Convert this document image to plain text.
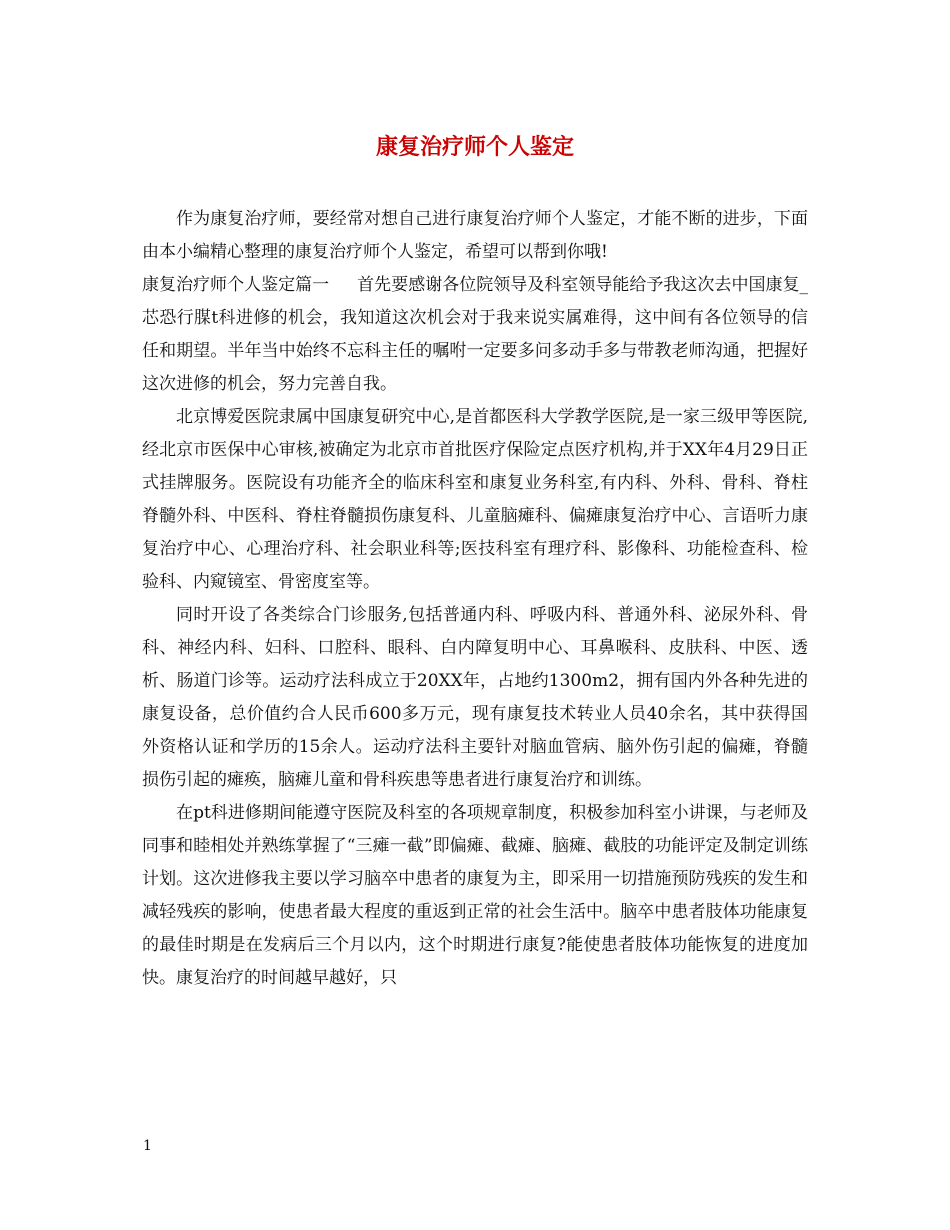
康复治疗师个人鉴定

作为康复治疗师，要经常对想自己进行康复治疗师个人鉴定，才能不断的进步，下面由本小编精心整理的康复治疗师个人鉴定，希望可以帮到你哦!

康复治疗师个人鉴定篇一 首先要感谢各位院领导及科室领导能给予我这次去中国康复_芯恐行腜t科进修的机会，我知道这次机会对于我来说实属难得，这中间有各位领导的信任和期望。半年当中始终不忘科主任的嘱咐一定要多问多动手多与带教老师沟通，把握好这次进修的机会，努力完善自我。

北京博爱医院隶属中国康复研究中心,是首都医科大学教学医院,是一家三级甲等医院,经北京市医保中心审核,被确定为北京市首批医疗保险定点医疗机构,并于XX年4月29日正式挂牌服务。医院设有功能齐全的临床科室和康复业务科室,有内科、外科、骨科、脊柱脊髓外科、中医科、脊柱脊髓损伤康复科、儿童脑瘫科、偏瘫康复治疗中心、言语听力康复治疗中心、心理治疗科、社会职业科等;医技科室有理疗科、影像科、功能检查科、检验科、内窥镜室、骨密度室等。

同时开设了各类综合门诊服务,包括普通内科、呼吸内科、普通外科、泌尿外科、骨科、神经内科、妇科、口腔科、眼科、白内障复明中心、耳鼻喉科、皮肤科、中医、透析、肠道门诊等。运动疗法科成立于20XX年，占地约1300m2，拥有国内外各种先进的康复设备，总价值约合人民币600多万元，现有康复技术转业人员40余名，其中获得国外资格认证和学历的15余人。运动疗法科主要针对脑血管病、脑外伤引起的偏瘫，脊髓损伤引起的瘫痪，脑瘫儿童和骨科疾患等患者进行康复治疗和训练。

在pt科进修期间能遵守医院及科室的各项规章制度，积极参加科室小讲课，与老师及同事和睦相处并熟练掌握了“三瘫一截”即偏瘫、截瘫、脑瘫、截肢的功能评定及制定训练计划。这次进修我主要以学习脑卒中患者的康复为主，即采用一切措施预防残疾的发生和减轻残疾的影响，使患者最大程度的重返到正常的社会生活中。脑卒中患者肢体功能康复的最佳时期是在发病后三个月以内，这个时期进行康复?能使患者肢体功能恢复的进度加快。康复治疗的时间越早越好，只

1
